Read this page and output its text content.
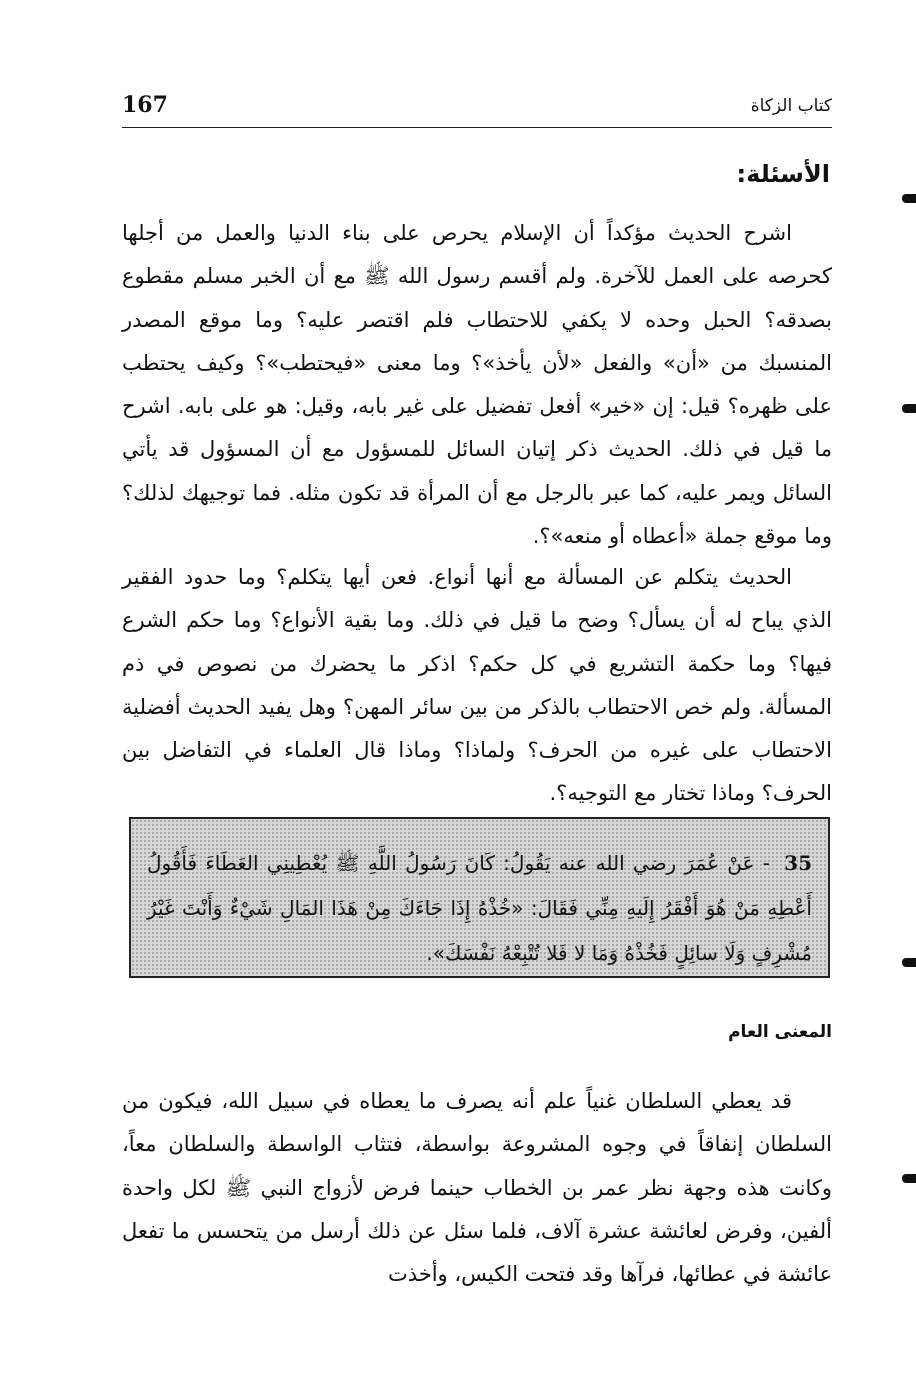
167	كتاب الزكاة
الأسئلة:

اشرح الحديث مؤكداً أن الإسلام يحرص على بناء الدنيا والعمل من أجلها كحرصه على العمل للآخرة. ولم أقسم رسول الله ﷺ مع أن الخبر مسلم مقطوع بصدقه؟ الحبل وحده لا يكفي للاحتطاب فلم اقتصر عليه؟ وما موقع المصدر المنسبك من «أن» والفعل «لأن يأخذ»؟ وما معنى «فيحتطب»؟ وكيف يحتطب على ظهره؟ قيل: إن «خير» أفعل تفضيل على غير بابه، وقيل: هو على بابه. اشرح ما قيل في ذلك. الحديث ذكر إتيان السائل للمسؤول مع أن المسؤول قد يأتي السائل ويمر عليه، كما عبر بالرجل مع أن المرأة قد تكون مثله. فما توجيهك لذلك؟ وما موقع جملة «أعطاه أو منعه»؟.

الحديث يتكلم عن المسألة مع أنها أنواع. فعن أيها يتكلم؟ وما حدود الفقير الذي يباح له أن يسأل؟ وضح ما قيل في ذلك. وما بقية الأنواع؟ وما حكم الشرع فيها؟ وما حكمة التشريع في كل حكم؟ اذكر ما يحضرك من نصوص في ذم المسألة. ولم خص الاحتطاب بالذكر من بين سائر المهن؟ وهل يفيد الحديث أفضلية الاحتطاب على غيره من الحرف؟ ولماذا؟ وماذا قال العلماء في التفاضل بين الحرف؟ وماذا تختار مع التوجيه؟.

35 - عَنْ عُمَرَ رضي الله عنه يَقُولُ: كَانَ رَسُولُ اللَّهِ ﷺ يُعْطِينِي العَطَاءَ فَأَقُولُ أَعْطِهِ مَنْ هُوَ أَفْقَرُ إِلَيهِ مِنِّي فَقَالَ: «خُذْهُ إِذَا جَاءَكَ مِنْ هَذَا المَالِ شَيْءٌ وَأَنْتَ غَيْرُ مُشْرِفٍ وَلَا سائِلٍ فَخُذْهُ وَمَا لا فَلا تُتْبِعْهُ نَفْسَكَ».

المعنى العام

قد يعطي السلطان غنياً علم أنه يصرف ما يعطاه في سبيل الله، فيكون من السلطان إنفاقاً في وجوه المشروعة بواسطة، فتثاب الواسطة والسلطان معاً، وكانت هذه وجهة نظر عمر بن الخطاب حينما فرض لأزواج النبي ﷺ لكل واحدة ألفين، وفرض لعائشة عشرة آلاف، فلما سئل عن ذلك أرسل من يتحسس ما تفعل عائشة في عطائها، فرآها وقد فتحت الكيس، وأخذت
